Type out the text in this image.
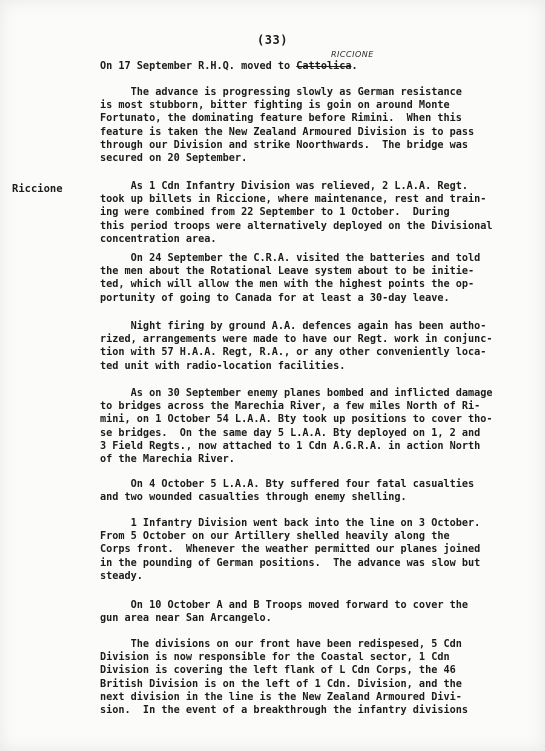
(33)
RICCIONE

On 17 September R.H.Q. moved to Cattolica.

Riccione

The advance is progressing slowly as German resistance
is most stubborn, bitter fighting is goin on around Monte
Fortunato, the dominating feature before Rimini.  When this
feature is taken the New Zealand Armoured Division is to pass
through our Division and strike Noorthwards.  The bridge was
secured on 20 September.

As 1 Cdn Infantry Division was relieved, 2 L.A.A. Regt.
took up billets in Riccione, where maintenance, rest and train-
ing were combined from 22 September to 1 October.  During
this period troops were alternatively deployed on the Divisional
concentration area.

On 24 September the C.R.A. visited the batteries and told
the men about the Rotational Leave system about to be initie-
ted, which will allow the men with the highest points the op-
portunity of going to Canada for at least a 30-day leave.

Night firing by ground A.A. defences again has been autho-
rized, arrangements were made to have our Regt. work in conjunc-
tion with 57 H.A.A. Regt, R.A., or any other conveniently loca-
ted unit with radio-location facilities.

As on 30 September enemy planes bombed and inflicted damage
to bridges across the Marechia River, a few miles North of Ri-
mini, on 1 October 54 L.A.A. Bty took up positions to cover tho-
se bridges.  On the same day 5 L.A.A. Bty deployed on 1, 2 and
3 Field Regts., now attached to 1 Cdn A.G.R.A. in action North
of the Marechia River.

On 4 October 5 L.A.A. Bty suffered four fatal casualties
and two wounded casualties through enemy shelling.

1 Infantry Division went back into the line on 3 October.
From 5 October on our Artillery shelled heavily along the
Corps front.  Whenever the weather permitted our planes joined
in the pounding of German positions.  The advance was slow but
steady.

On 10 October A and B Troops moved forward to cover the
gun area near San Arcangelo.

The divisions on our front have been redispesed, 5 Cdn
Division is now responsible for the Coastal sector, 1 Cdn
Division is covering the left flank of L Cdn Corps, the 46
British Division is on the left of 1 Cdn. Division, and the
next division in the line is the New Zealand Armoured Divi-
sion.  In the event of a breakthrough the infantry divisions
